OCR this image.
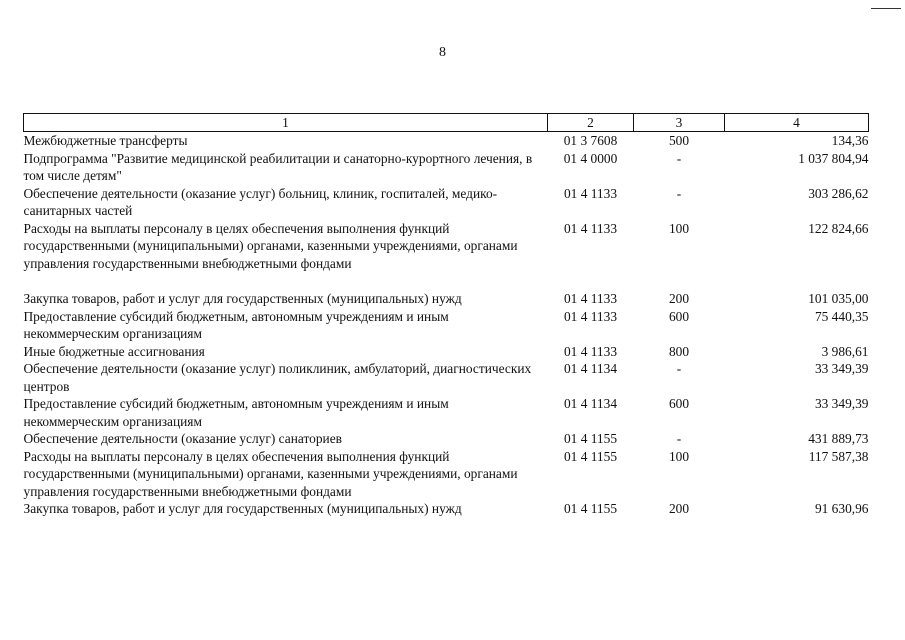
8
1	2	3	4
Межбюджетные трансферты	01 3 7608	500	134,36
Подпрограмма "Развитие медицинской реабилитации и санаторно-курортного лечения, в том числе детям"	01 4 0000	-	1 037 804,94
Обеспечение деятельности (оказание услуг) больниц, клиник, госпиталей, медико-санитарных частей	01 4 1133	-	303 286,62
Расходы на выплаты персоналу в целях обеспечения выполнения функций государственными (муниципальными) органами, казенными учреждениями, органами управления государственными внебюджетными фондами	01 4 1133	100	122 824,66

Закупка товаров, работ и услуг для государственных (муниципальных) нужд	01 4 1133	200	101 035,00
Предоставление субсидий бюджетным, автономным учреждениям и иным некоммерческим организациям	01 4 1133	600	75 440,35
Иные бюджетные ассигнования	01 4 1133	800	3 986,61
Обеспечение деятельности (оказание услуг) поликлиник, амбулаторий, диагностических центров	01 4 1134	-	33 349,39
Предоставление субсидий бюджетным, автономным учреждениям и иным некоммерческим организациям	01 4 1134	600	33 349,39
Обеспечение деятельности (оказание услуг) санаториев	01 4 1155	-	431 889,73
Расходы на выплаты персоналу в целях обеспечения выполнения функций государственными (муниципальными) органами, казенными учреждениями, органами управления государственными внебюджетными фондами	01 4 1155	100	117 587,38
Закупка товаров, работ и услуг для государственных (муниципальных) нужд	01 4 1155	200	91 630,96
